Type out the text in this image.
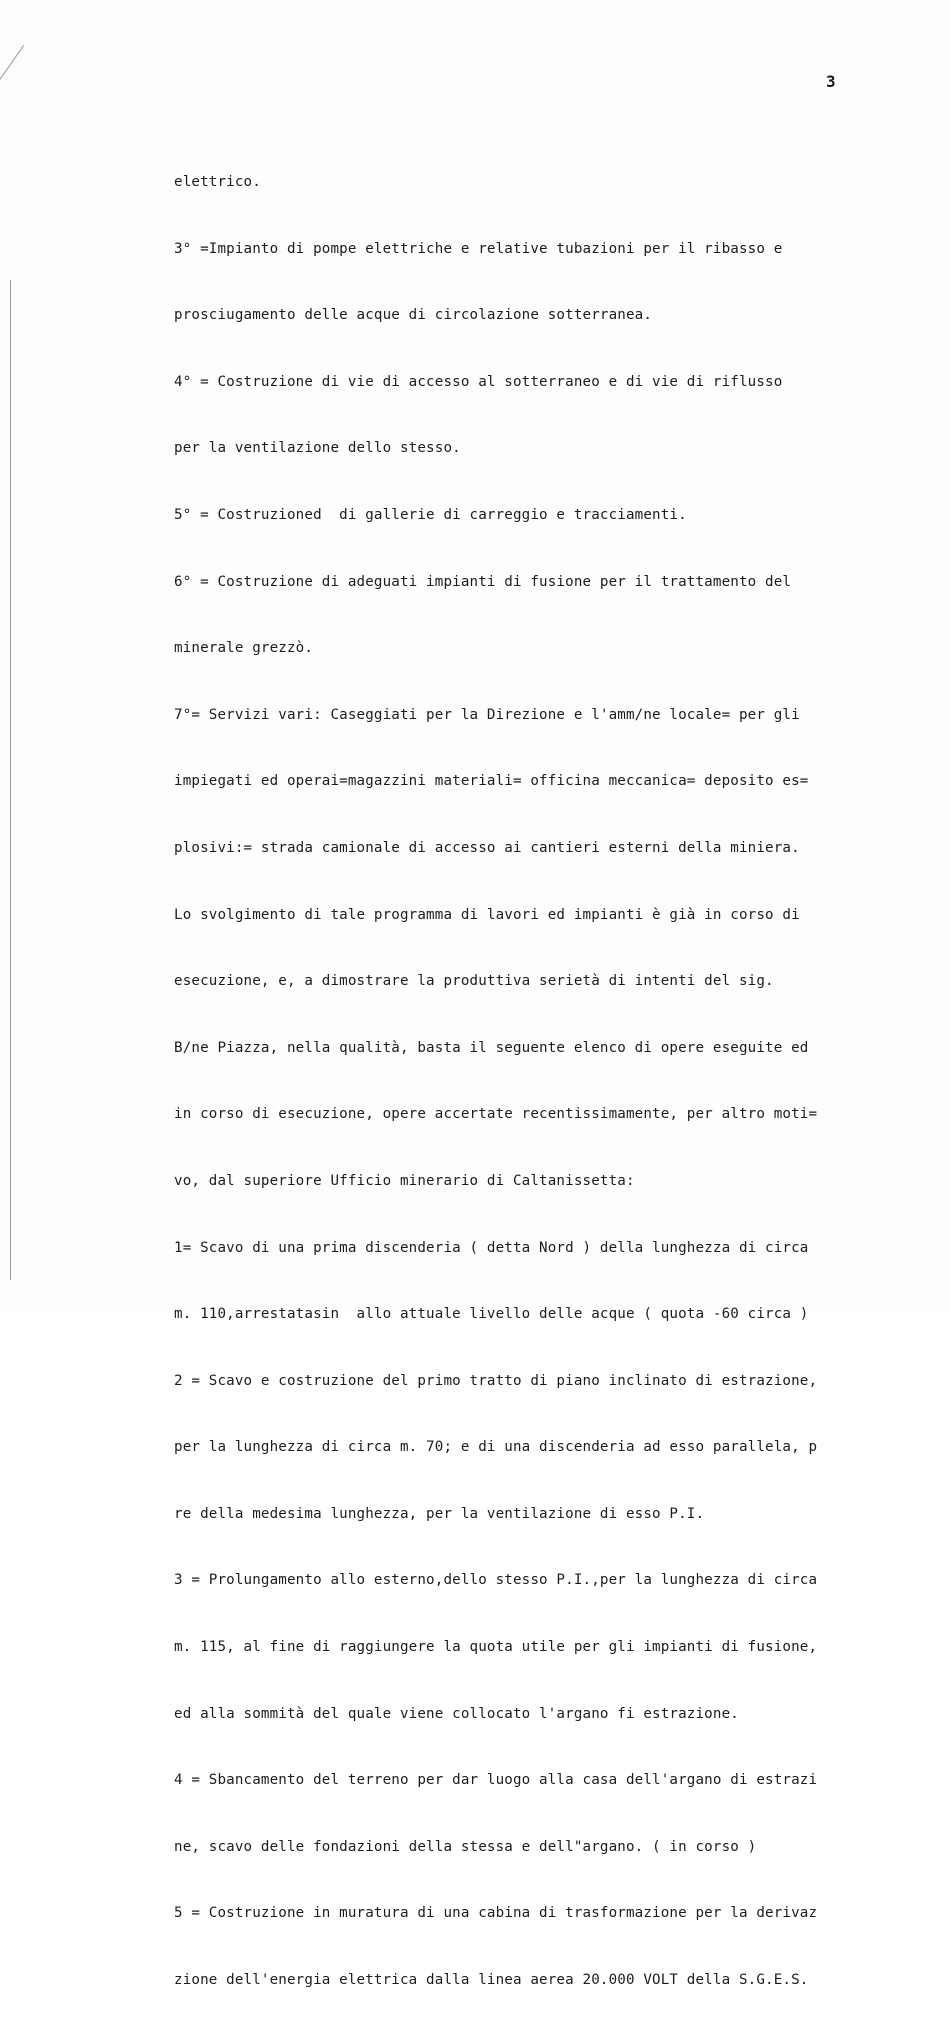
3

elettrico.

3° =Impianto di pompe elettriche e relative tubazioni per il ribasso e

prosciugamento delle acque di circolazione sotterranea.

4° = Costruzione di vie di accesso al sotterraneo e di vie di riflusso

per la ventilazione dello stesso.

5° = Costruzioned  di gallerie di carreggio e tracciamenti.

6° = Costruzione di adeguati impianti di fusione per il trattamento del

minerale grezzò.

7°= Servizi vari: Caseggiati per la Direzione e l'amm/ne locale= per gli

impiegati ed operai=magazzini materiali= officina meccanica= deposito es=

plosivi:= strada camionale di accesso ai cantieri esterni della miniera.

Lo svolgimento di tale programma di lavori ed impianti è già in corso di

esecuzione, e, a dimostrare la produttiva serietà di intenti del sig.

B/ne Piazza, nella qualità, basta il seguente elenco di opere eseguite ed

in corso di esecuzione, opere accertate recentissimamente, per altro moti=

vo, dal superiore Ufficio minerario di Caltanissetta:

1= Scavo di una prima discenderia ( detta Nord ) della lunghezza di circa

m. 110,arrestatasin  allo attuale livello delle acque ( quota -60 circa )

2 = Scavo e costruzione del primo tratto di piano inclinato di estrazione,

per la lunghezza di circa m. 70; e di una discenderia ad esso parallela, p

re della medesima lunghezza, per la ventilazione di esso P.I.

3 = Prolungamento allo esterno,dello stesso P.I.,per la lunghezza di circa

m. 115, al fine di raggiungere la quota utile per gli impianti di fusione,

ed alla sommità del quale viene collocato l'argano fi estrazione.

4 = Sbancamento del terreno per dar luogo alla casa dell'argano di estrazi

ne, scavo delle fondazioni della stessa e dell"argano. ( in corso )

5 = Costruzione in muratura di una cabina di trasformazione per la derivaz

zione dell'energia elettrica dalla linea aerea 20.000 VOLT della S.G.E.S.
